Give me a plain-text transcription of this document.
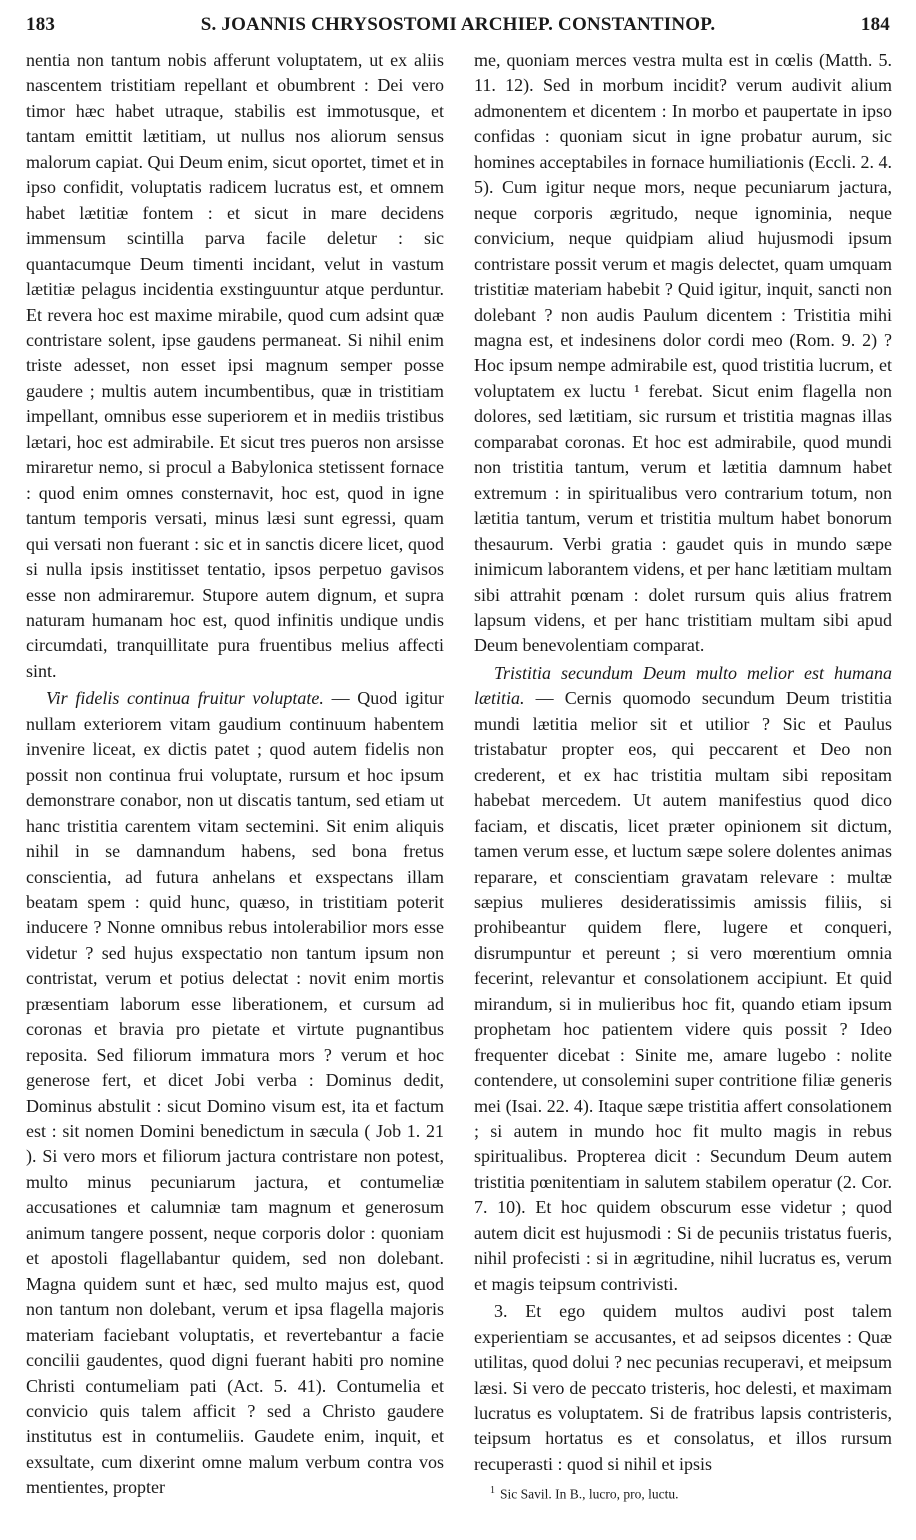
183	S. JOANNIS CHRYSOSTOMI ARCHIEP. CONSTANTINOP.	184

nentia non tantum nobis afferunt voluptatem, ut ex aliis nascentem tristitiam repellant et obumbrent : Dei vero timor hæc habet utraque, stabilis est immotusque, et tantam emittit lætitiam, ut nullus nos aliorum sensus malorum capiat. Qui Deum enim, sicut oportet, timet et in ipso confidit, voluptatis radicem lucratus est, et omnem habet lætitiæ fontem : et sicut in mare decidens immensum scintilla parva facile deletur : sic quantacumque Deum timenti incidant, velut in vastum lætitiæ pelagus incidentia exstinguuntur atque perduntur. Et revera hoc est maxime mirabile, quod cum adsint quæ contristare solent, ipse gaudens permaneat. Si nihil enim triste adesset, non esset ipsi magnum semper posse gaudere ; multis autem incumbentibus, quæ in tristitiam impellant, omnibus esse superiorem et in mediis tristibus lætari, hoc est admirabile. Et sicut tres pueros non arsisse miraretur nemo, si procul a Babylonica stetissent fornace : quod enim omnes consternavit, hoc est, quod in igne tantum temporis versati, minus læsi sunt egressi, quam qui versati non fuerant : sic et in sanctis dicere licet, quod si nulla ipsis institisset tentatio, ipsos perpetuo gavisos esse non admiraremur. Stupore autem dignum, et supra naturam humanam hoc est, quod infinitis undique undis circumdati, tranquillitate pura fruentibus melius affecti sint.

Vir fidelis continua fruitur voluptate. — Quod igitur nullam exteriorem vitam gaudium continuum habentem invenire liceat, ex dictis patet ; quod autem fidelis non possit non continua frui voluptate, rursum et hoc ipsum demonstrare conabor, non ut discatis tantum, sed etiam ut hanc tristitia carentem vitam sectemini. Sit enim aliquis nihil in se damnandum habens, sed bona fretus conscientia, ad futura anhelans et exspectans illam beatam spem : quid hunc, quæso, in tristitiam poterit inducere ? Nonne omnibus rebus intolerabilior mors esse videtur ? sed hujus exspectatio non tantum ipsum non contristat, verum et potius delectat : novit enim mortis præsentiam laborum esse liberationem, et cursum ad coronas et bravia pro pietate et virtute pugnantibus reposita. Sed filiorum immatura mors ? verum et hoc generose fert, et dicet Jobi verba : Dominus dedit, Dominus abstulit : sicut Domino visum est, ita et factum est : sit nomen Domini benedictum in sæcula ( Job 1. 21 ). Si vero mors et filiorum jactura contristare non potest, multo minus pecuniarum jactura, et contumeliæ accusationes et calumniæ tam magnum et generosum animum tangere possent, neque corporis dolor : quoniam et apostoli flagellabantur quidem, sed non dolebant. Magna quidem sunt et hæc, sed multo majus est, quod non tantum non dolebant, verum et ipsa flagella majoris materiam faciebant voluptatis, et revertebantur a facie concilii gaudentes, quod digni fuerant habiti pro nomine Christi contumeliam pati (Act. 5. 41). Contumelia et convicio quis talem afficit ? sed a Christo gaudere institutus est in contumeliis. Gaudete enim, inquit, et exsultate, cum dixerint omne malum verbum contra vos mentientes, propter

me, quoniam merces vestra multa est in cœlis (Matth. 5. 11. 12). Sed in morbum incidit? verum audivit alium admonentem et dicentem : In morbo et paupertate in ipso confidas : quoniam sicut in igne probatur aurum, sic homines acceptabiles in fornace humiliationis (Eccli. 2. 4. 5). Cum igitur neque mors, neque pecuniarum jactura, neque corporis ægritudo, neque ignominia, neque convicium, neque quidpiam aliud hujusmodi ipsum contristare possit verum et magis delectet, quam umquam tristitiæ materiam habebit ? Quid igitur, inquit, sancti non dolebant ? non audis Paulum dicentem : Tristitia mihi magna est, et indesinens dolor cordi meo (Rom. 9. 2) ? Hoc ipsum nempe admirabile est, quod tristitia lucrum, et voluptatem ex luctu ¹ ferebat. Sicut enim flagella non dolores, sed lætitiam, sic rursum et tristitia magnas illas comparabat coronas. Et hoc est admirabile, quod mundi non tristitia tantum, verum et lætitia damnum habet extremum : in spiritualibus vero contrarium totum, non lætitia tantum, verum et tristitia multum habet bonorum thesaurum. Verbi gratia : gaudet quis in mundo sæpe inimicum laborantem videns, et per hanc lætitiam multam sibi attrahit pœnam : dolet rursum quis alius fratrem lapsum videns, et per hanc tristitiam multam sibi apud Deum benevolentiam comparat.

Tristitia secundum Deum multo melior est humana lætitia. — Cernis quomodo secundum Deum tristitia mundi lætitia melior sit et utilior ? Sic et Paulus tristabatur propter eos, qui peccarent et Deo non crederent, et ex hac tristitia multam sibi repositam habebat mercedem. Ut autem manifestius quod dico faciam, et discatis, licet præter opinionem sit dictum, tamen verum esse, et luctum sæpe solere dolentes animas reparare, et conscientiam gravatam relevare : multæ sæpius mulieres desideratissimis amissis filiis, si prohibeantur quidem flere, lugere et conqueri, disrumpuntur et pereunt ; si vero mœrentium omnia fecerint, relevantur et consolationem accipiunt. Et quid mirandum, si in mulieribus hoc fit, quando etiam ipsum prophetam hoc patientem videre quis possit ? Ideo frequenter dicebat : Sinite me, amare lugebo : nolite contendere, ut consolemini super contritione filiæ generis mei (Isai. 22. 4). Itaque sæpe tristitia affert consolationem ; si autem in mundo hoc fit multo magis in rebus spiritualibus. Propterea dicit : Secundum Deum autem tristitia pœnitentiam in salutem stabilem operatur (2. Cor. 7. 10). Et hoc quidem obscurum esse videtur ; quod autem dicit est hujusmodi : Si de pecuniis tristatus fueris, nihil profecisti : si in ægritudine, nihil lucratus es, verum et magis teipsum contrivisti.

3. Et ego quidem multos audivi post talem experientiam se accusantes, et ad seipsos dicentes : Quæ utilitas, quod dolui ? nec pecunias recuperavi, et meipsum læsi. Si vero de peccato tristeris, hoc delesti, et maximam lucratus es voluptatem. Si de fratribus lapsis contristeris, teipsum hortatus es et consolatus, et illos rursum recuperasti : quod si nihil et ipsis

$^1$ Sic Savil. In B., lucro, pro, luctu.
